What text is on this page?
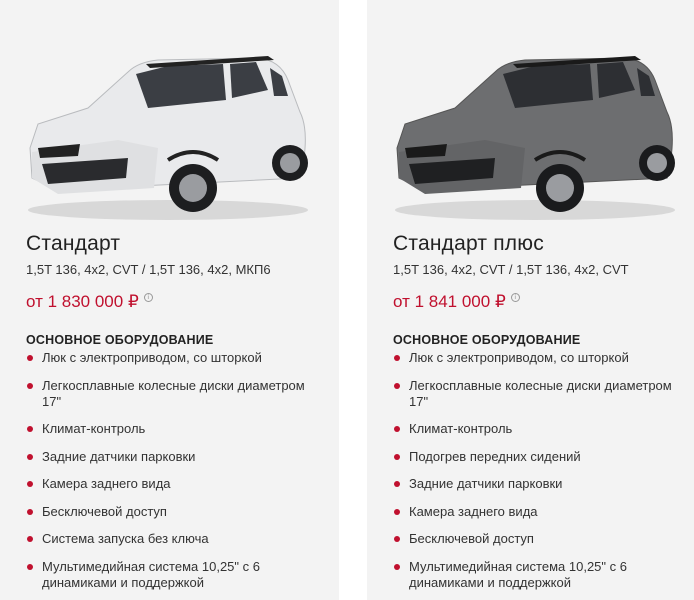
Стандарт
1,5T 136, 4x2, CVT / 1,5T 136, 4x2, МКП6
от 1 830 000 ₽	i
ОСНОВНОЕ ОБОРУДОВАНИЕ
Люк с электроприводом, со шторкой
Легкосплавные колесные диски диаметром 17"
Климат-контроль
Задние датчики парковки
Камера заднего вида
Бесключевой доступ
Система запуска без ключа
Мультимедийная система 10,25" с 6 динамиками и поддержкой
Стандарт плюс
1,5T 136, 4x2, CVT / 1,5T 136, 4x2, CVT
от 1 841 000 ₽	i
ОСНОВНОЕ ОБОРУДОВАНИЕ
Люк с электроприводом, со шторкой
Легкосплавные колесные диски диаметром 17"
Климат-контроль
Подогрев передних сидений
Задние датчики парковки
Камера заднего вида
Бесключевой доступ
Мультимедийная система 10,25" с 6 динамиками и поддержкой
